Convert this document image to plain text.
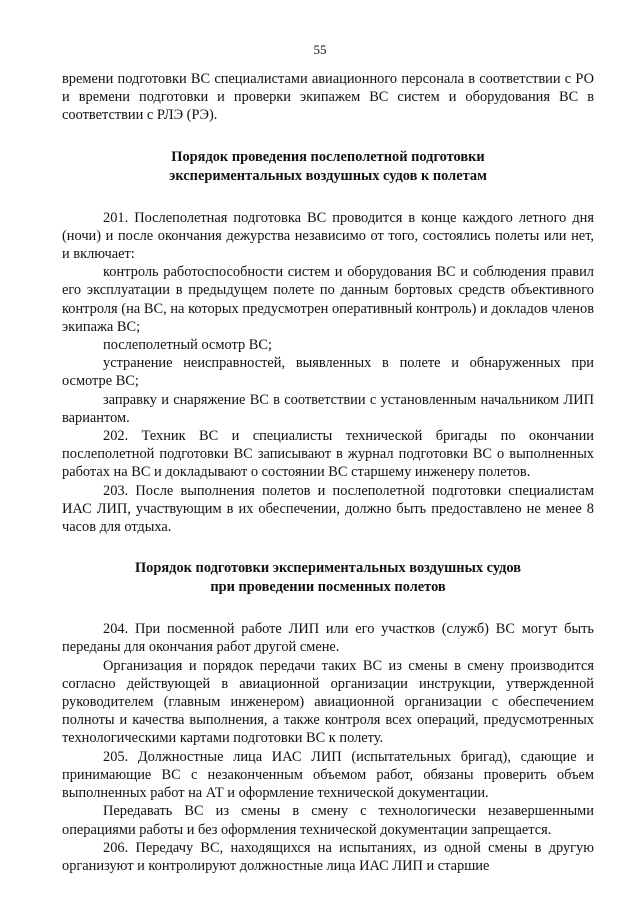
55

времени подготовки ВС специалистами авиационного персонала в соответствии с РО и времени подготовки и проверки экипажем ВС систем и оборудования ВС в соответствии с РЛЭ (РЭ).

Порядок проведения послеполетной подготовки
экспериментальных воздушных судов к полетам

201. Послеполетная подготовка ВС проводится в конце каждого летного дня (ночи) и после окончания дежурства независимо от того, состоялись полеты или нет, и включает:

контроль работоспособности систем и оборудования ВС и соблюдения правил его эксплуатации в предыдущем полете по данным бортовых средств объективного контроля (на ВС, на которых предусмотрен оперативный контроль) и докладов членов экипажа ВС;

послеполетный осмотр ВС;

устранение неисправностей, выявленных в полете и обнаруженных при осмотре ВС;

заправку и снаряжение ВС в соответствии с установленным начальником ЛИП вариантом.

202. Техник ВС и специалисты технической бригады по окончании послеполетной подготовки ВС записывают в журнал подготовки ВС о выполненных работах на ВС и докладывают о состоянии ВС старшему инженеру полетов.

203. После выполнения полетов и послеполетной подготовки специалистам ИАС ЛИП, участвующим в их обеспечении, должно быть предоставлено не менее 8 часов для отдыха.

Порядок подготовки экспериментальных воздушных судов
при проведении посменных полетов

204. При посменной работе ЛИП или его участков (служб) ВС могут быть переданы для окончания работ другой смене.

Организация и порядок передачи таких ВС из смены в смену производится согласно действующей в авиационной организации инструкции, утвержденной руководителем (главным инженером) авиационной организации с обеспечением полноты и качества выполнения, а также контроля всех операций, предусмотренных технологическими картами подготовки ВС к полету.

205. Должностные лица ИАС ЛИП (испытательных бригад), сдающие и принимающие ВС с незаконченным объемом работ, обязаны проверить объем выполненных работ на АТ и оформление технической документации.

Передавать ВС из смены в смену с технологически незавершенными операциями работы и без оформления технической документации запрещается.

206. Передачу ВС, находящихся на испытаниях, из одной смены в другую организуют и контролируют должностные лица ИАС ЛИП и старшие
